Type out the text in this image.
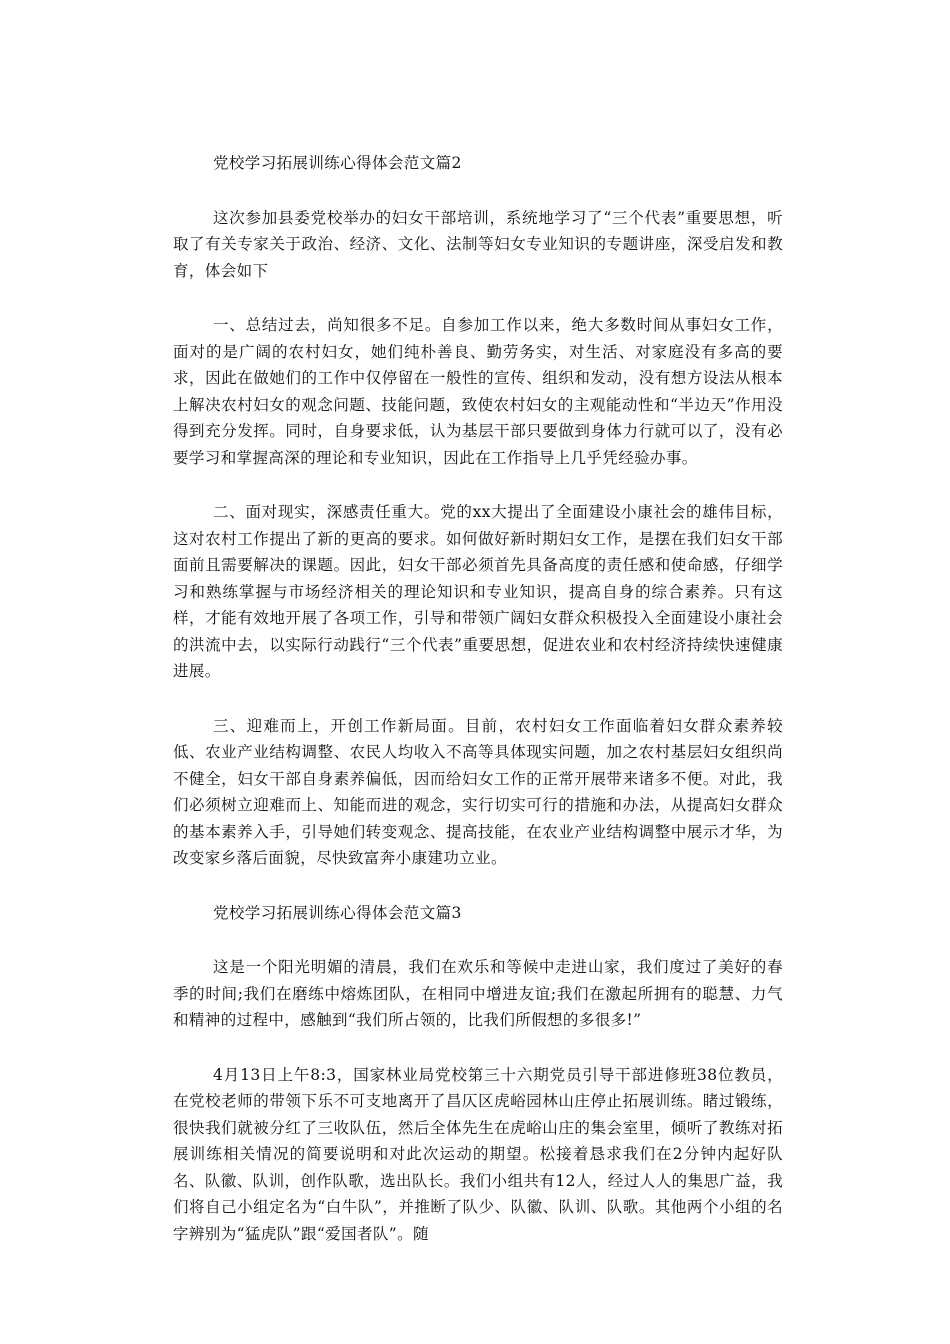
党校学习拓展训练心得体会范文篇2
这次参加县委党校举办的妇女干部培训，系统地学习了“三个代表”重要思想，听取了有关专家关于政治、经济、文化、法制等妇女专业知识的专题讲座，深受启发和教育，体会如下
一、总结过去，尚知很多不足。自参加工作以来，绝大多数时间从事妇女工作，面对的是广阔的农村妇女，她们纯朴善良、勤劳务实，对生活、对家庭没有多高的要求，因此在做她们的工作中仅停留在一般性的宣传、组织和发动，没有想方设法从根本上解决农村妇女的观念问题、技能问题，致使农村妇女的主观能动性和“半边天”作用没得到充分发挥。同时，自身要求低，认为基层干部只要做到身体力行就可以了，没有必要学习和掌握高深的理论和专业知识，因此在工作指导上几乎凭经验办事。
二、面对现实，深感责任重大。党的xx大提出了全面建设小康社会的雄伟目标，这对农村工作提出了新的更高的要求。如何做好新时期妇女工作，是摆在我们妇女干部面前且需要解决的课题。因此，妇女干部必须首先具备高度的责任感和使命感，仔细学习和熟练掌握与市场经济相关的理论知识和专业知识，提高自身的综合素养。只有这样，才能有效地开展了各项工作，引导和带领广阔妇女群众积极投入全面建设小康社会的洪流中去，以实际行动践行“三个代表”重要思想，促进农业和农村经济持续快速健康进展。
三、迎难而上，开创工作新局面。目前，农村妇女工作面临着妇女群众素养较低、农业产业结构调整、农民人均收入不高等具体现实问题，加之农村基层妇女组织尚不健全，妇女干部自身素养偏低，因而给妇女工作的正常开展带来诸多不便。对此，我们必须树立迎难而上、知能而进的观念，实行切实可行的措施和办法，从提高妇女群众的基本素养入手，引导她们转变观念、提高技能，在农业产业结构调整中展示才华，为改变家乡落后面貌，尽快致富奔小康建功立业。
党校学习拓展训练心得体会范文篇3
这是一个阳光明媚的清晨，我们在欢乐和等候中走进山家，我们度过了美好的春季的时间;我们在磨练中熔炼团队，在相同中增进友谊;我们在激起所拥有的聪慧、力气和精神的过程中，感触到“我们所占领的，比我们所假想的多很多!”
4月13日上午8:3，国家林业局党校第三十六期党员引导干部进修班38位教员，在党校老师的带领下乐不可支地离开了昌仄区虎峪园林山庄停止拓展训练。睹过锻练，很快我们就被分红了三收队伍，然后全体先生在虎峪山庄的集会室里，倾听了教练对拓展训练相关情况的简要说明和对此次运动的期望。松接着恳求我们在2分钟内起好队名、队徽、队训，创作队歌，选出队长。我们小组共有12人，经过人人的集思广益，我们将自己小组定名为“白牛队”，并推断了队少、队徽、队训、队歌。其他两个小组的名字辨别为“猛虎队”跟“爱国者队”。随
